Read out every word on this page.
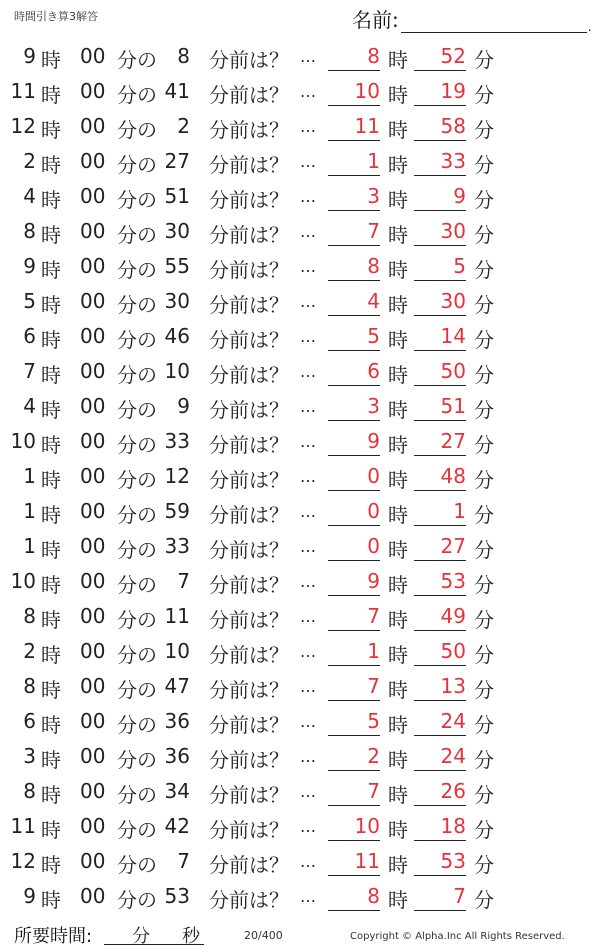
時間引き算3解答	名前:	.
9 時 00 分の	8 分前は？ …	8 時	52 分
11 時 00 分の 41 分前は？ …	10 時	19 分
12 時 00 分の	2 分前は？ …	11 時	58 分
2 時 00 分の 27 分前は？ …	1 時	33 分
4 時 00 分の 51 分前は？ …	3 時	9 分
8 時 00 分の 30 分前は？ …	7 時	30 分
9 時 00 分の 55 分前は？ …	8 時	5 分
5 時 00 分の 30 分前は？ …	4 時	30 分
6 時 00 分の 46 分前は？ …	5 時	14 分
7 時 00 分の 10 分前は？ …	6 時	50 分
4 時 00 分の	9 分前は？ …	3 時	51 分
10 時 00 分の 33 分前は？ …	9 時	27 分
1 時 00 分の 12 分前は？ …	0 時	48 分
1 時 00 分の 59 分前は？ …	0 時	1 分
1 時 00 分の 33 分前は？ …	0 時	27 分
10 時 00 分の	7 分前は？ …	9 時	53 分
8 時 00 分の 11 分前は？ …	7 時	49 分
2 時 00 分の 10 分前は？ …	1 時	50 分
8 時 00 分の 47 分前は？ …	7 時	13 分
6 時 00 分の 36 分前は？ …	5 時	24 分
3 時 00 分の 36 分前は？ …	2 時	24 分
8 時 00 分の 34 分前は？ …	7 時	26 分
11 時 00 分の 42 分前は？ …	10 時	18 分
12 時 00 分の	7 分前は？ …	11 時	53 分
9 時 00 分の 53 分前は？ …	8 時	7 分
所要時間: 分 秒	20/400	Copyright © Alpha.Inc All Rights Reserved.
